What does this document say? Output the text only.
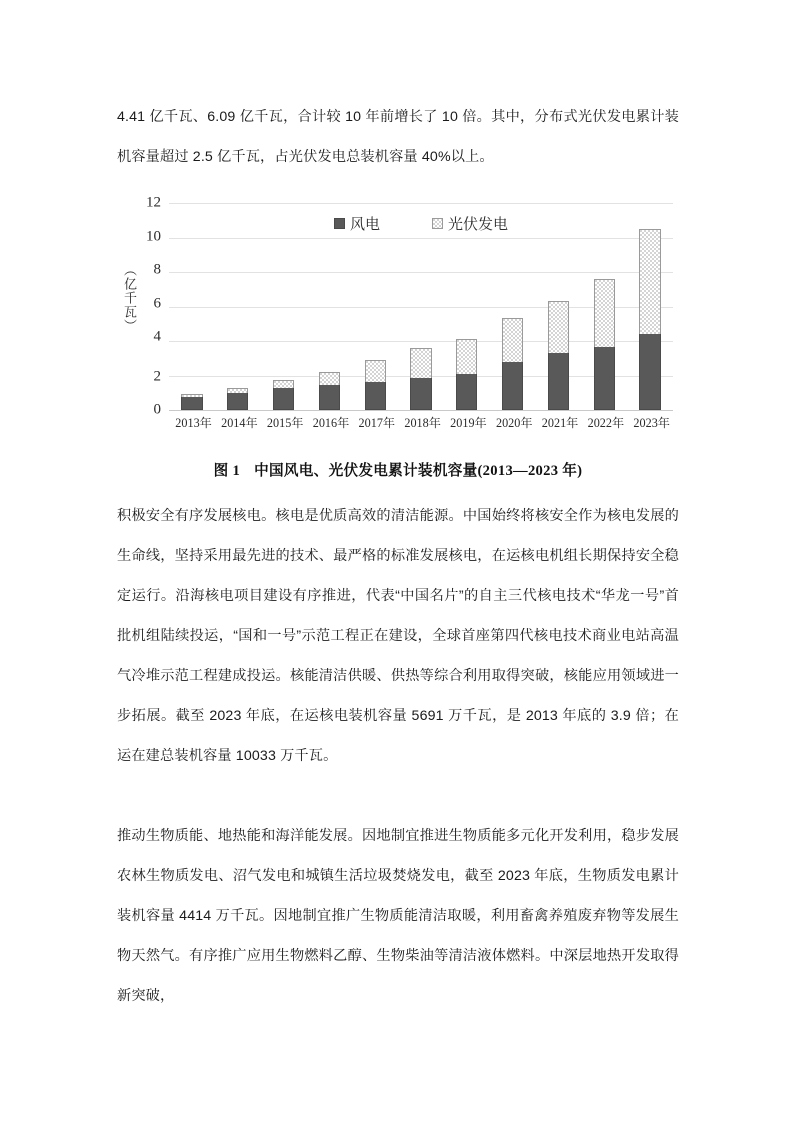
4.41 亿千瓦、6.09 亿千瓦，合计较 10 年前增长了 10 倍。其中，分布式光伏发电累计装机容量超过 2.5 亿千瓦，占光伏发电总装机容量 40%以上。

（亿千瓦）
12
10
8
6
4
2
0
风电	光伏发电
2013年 2014年 2015年 2016年 2017年 2018年 2019年 2020年 2021年 2022年 2023年
图 1 中国风电、光伏发电累计装机容量(2013—2023 年)

积极安全有序发展核电。核电是优质高效的清洁能源。中国始终将核安全作为核电发展的生命线，坚持采用最先进的技术、最严格的标准发展核电，在运核电机组长期保持安全稳定运行。沿海核电项目建设有序推进，代表“中国名片”的自主三代核电技术“华龙一号”首批机组陆续投运，“国和一号”示范工程正在建设，全球首座第四代核电技术商业电站高温气冷堆示范工程建成投运。核能清洁供暖、供热等综合利用取得突破，核能应用领域进一步拓展。截至 2023 年底，在运核电装机容量 5691 万千瓦，是 2013 年底的 3.9 倍；在运在建总装机容量 10033 万千瓦。

推动生物质能、地热能和海洋能发展。因地制宜推进生物质能多元化开发利用，稳步发展农林生物质发电、沼气发电和城镇生活垃圾焚烧发电，截至 2023 年底，生物质发电累计装机容量 4414 万千瓦。因地制宜推广生物质能清洁取暖，利用畜禽养殖废弃物等发展生物天然气。有序推广应用生物燃料乙醇、生物柴油等清洁液体燃料。中深层地热开发取得新突破，
